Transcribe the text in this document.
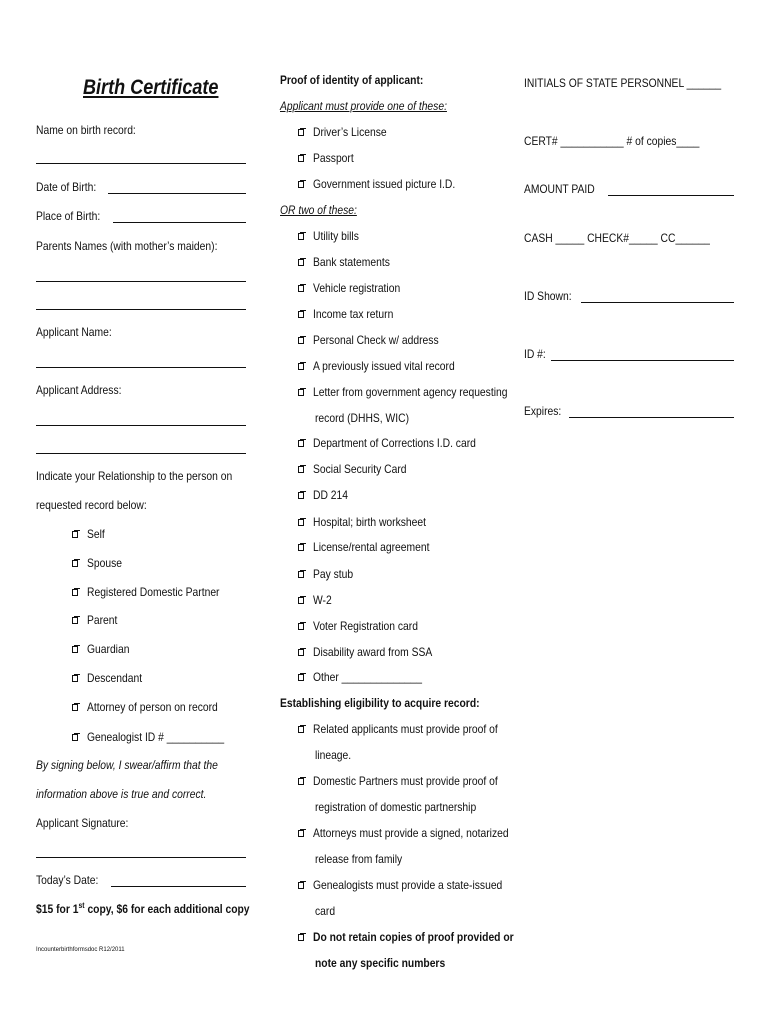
Birth Certificate
Name on birth record:
Date of Birth:
Place of Birth:
Parents Names (with mother’s maiden):
Applicant Name:
Applicant Address:
Indicate your Relationship to the person on
requested record below:
Self
Spouse
Registered Domestic Partner
Parent
Guardian
Descendant
Attorney of person on record
Genealogist ID # __________
By signing below, I swear/affirm that the
information above is true and correct.
Applicant Signature:
Today’s Date:
$15 for 1st copy, $6 for each additional copy
Incounterbirthformsdoc R12/2011
Proof of identity of applicant:
Applicant must provide one of these:
Driver’s License
Passport
Government issued picture I.D.
OR two of these:
Utility bills
Bank statements
Vehicle registration
Income tax return
Personal Check w/ address
A previously issued vital record
Letter from government agency requesting
record (DHHS, WIC)
Department of Corrections I.D. card
Social Security Card
DD 214
Hospital; birth worksheet
License/rental agreement
Pay stub
W-2
Voter Registration card
Disability award from SSA
Other ______________
Establishing eligibility to acquire record:
Related applicants must provide proof of
lineage.
Domestic Partners must provide proof of
registration of domestic partnership
Attorneys must provide a signed, notarized
release from family
Genealogists must provide a state-issued
card
Do not retain copies of proof provided or
note any specific numbers
INITIALS OF STATE PERSONNEL ______
CERT# ___________ # of copies____
AMOUNT PAID
CASH _____ CHECK#_____ CC______
ID Shown:
ID #:
Expires:
